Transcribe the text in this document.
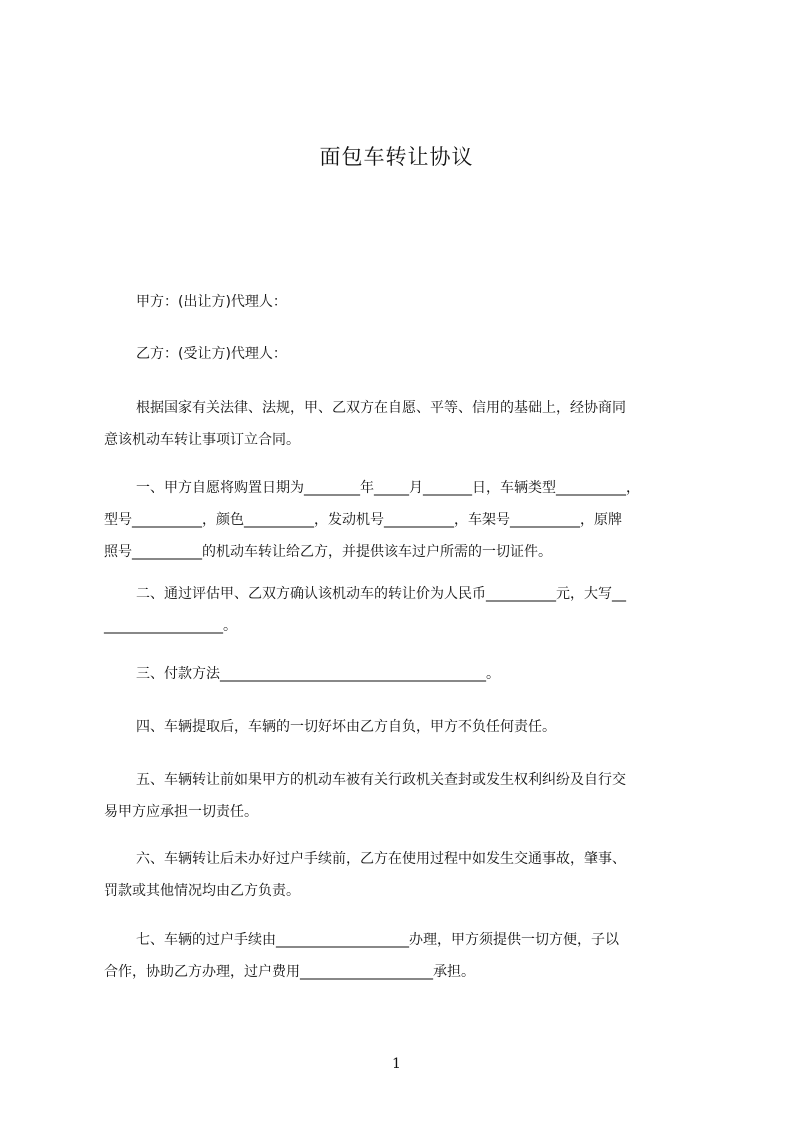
面包车转让协议

甲方：(出让方)代理人：

乙方：(受让方)代理人：

根据国家有关法律、法规，甲、乙双方在自愿、平等、信用的基础上，经协商同
意该机动车转让事项订立合同。

一、甲方自愿将购置日期为________年_____月_______日，车辆类型__________，
型号__________，颜色__________，发动机号__________，车架号__________，原牌
照号__________的机动车转让给乙方，并提供该车过户所需的一切证件。

二、通过评估甲、乙双方确认该机动车的转让价为人民币__________元，大写__
_________________。

三、付款方法______________________________________。

四、车辆提取后，车辆的一切好坏由乙方自负，甲方不负任何责任。

五、车辆转让前如果甲方的机动车被有关行政机关查封或发生权利纠纷及自行交
易甲方应承担一切责任。

六、车辆转让后未办好过户手续前，乙方在使用过程中如发生交通事故，肇事、
罚款或其他情况均由乙方负责。

七、车辆的过户手续由___________________办理，甲方须提供一切方便，子以
合作，协助乙方办理，过户费用___________________承担。

1
